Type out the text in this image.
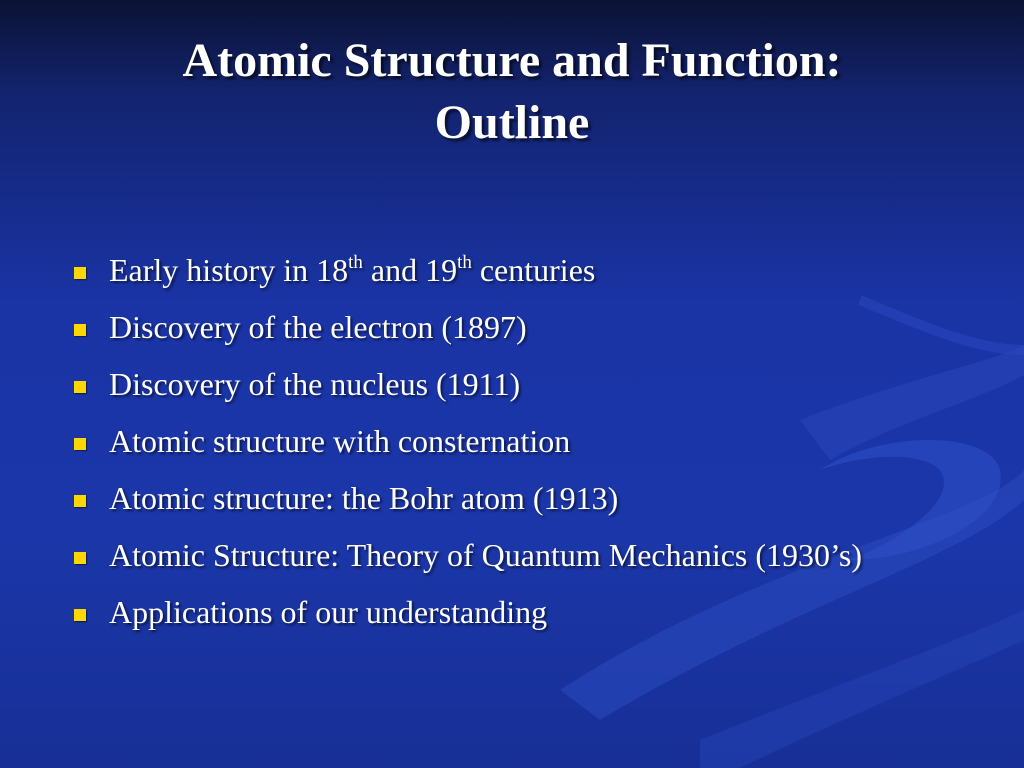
Atomic Structure and Function:
Outline
Early history in 18th and 19th centuries
Discovery of the electron (1897)
Discovery of the nucleus (1911)
Atomic structure with consternation
Atomic structure: the Bohr atom (1913)
Atomic Structure: Theory of Quantum Mechanics (1930’s)
Applications of our understanding
